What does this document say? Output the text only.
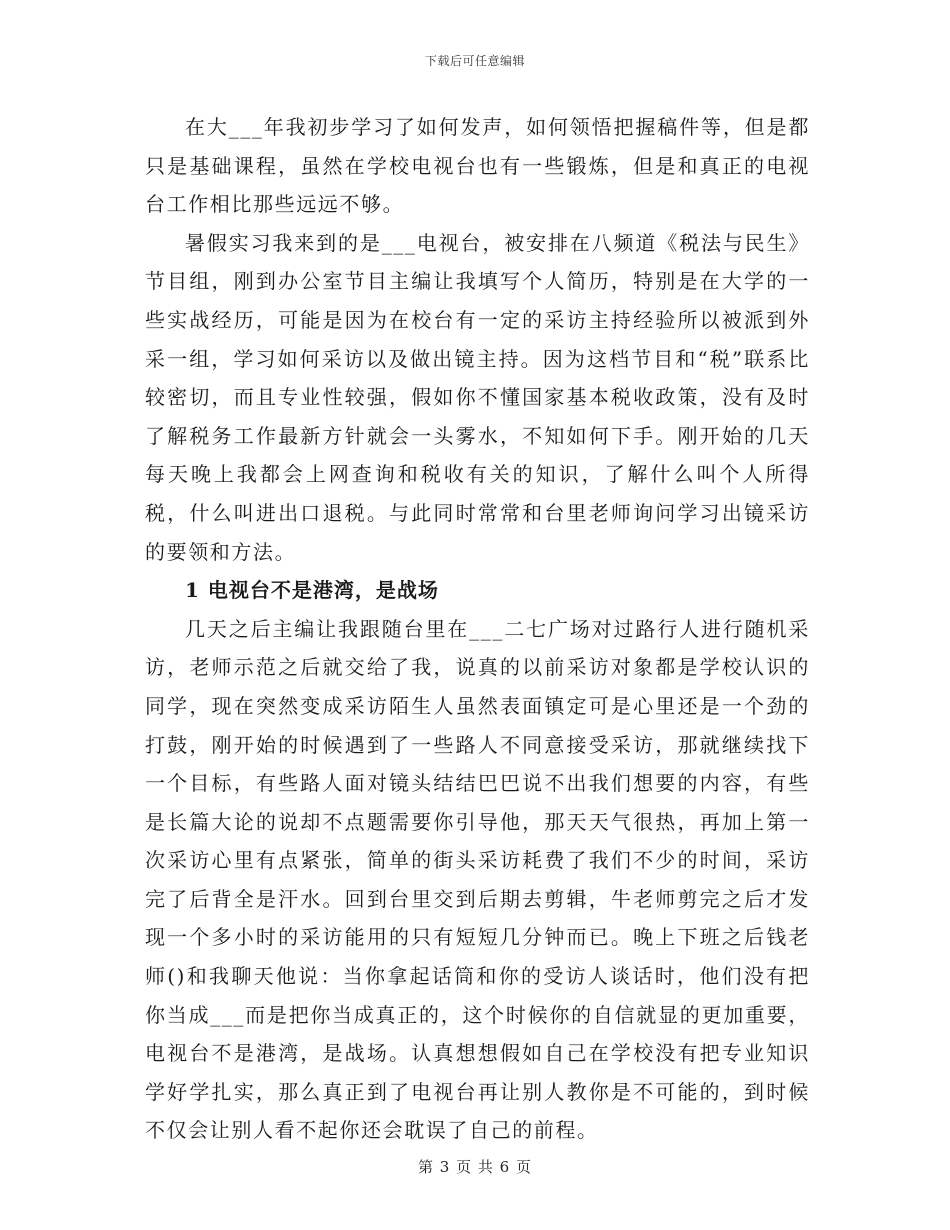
下载后可任意编辑

在大___年我初步学习了如何发声，如何领悟把握稿件等，但是都只是基础课程，虽然在学校电视台也有一些锻炼，但是和真正的电视台工作相比那些远远不够。

暑假实习我来到的是___电视台，被安排在八频道《税法与民生》节目组，刚到办公室节目主编让我填写个人简历，特别是在大学的一些实战经历，可能是因为在校台有一定的采访主持经验所以被派到外采一组，学习如何采访以及做出镜主持。因为这档节目和“税”联系比较密切，而且专业性较强，假如你不懂国家基本税收政策，没有及时了解税务工作最新方针就会一头雾水，不知如何下手。刚开始的几天每天晚上我都会上网查询和税收有关的知识，了解什么叫个人所得税，什么叫进出口退税。与此同时常常和台里老师询问学习出镜采访的要领和方法。

1 电视台不是港湾，是战场

几天之后主编让我跟随台里在___二七广场对过路行人进行随机采访，老师示范之后就交给了我，说真的以前采访对象都是学校认识的同学，现在突然变成采访陌生人虽然表面镇定可是心里还是一个劲的打鼓，刚开始的时候遇到了一些路人不同意接受采访，那就继续找下一个目标，有些路人面对镜头结结巴巴说不出我们想要的内容，有些是长篇大论的说却不点题需要你引导他，那天天气很热，再加上第一次采访心里有点紧张，简单的街头采访耗费了我们不少的时间，采访完了后背全是汗水。回到台里交到后期去剪辑，牛老师剪完之后才发现一个多小时的采访能用的只有短短几分钟而已。晚上下班之后钱老师()和我聊天他说：当你拿起话筒和你的受访人谈话时，他们没有把你当成___而是把你当成真正的，这个时候你的自信就显的更加重要，电视台不是港湾，是战场。认真想想假如自己在学校没有把专业知识学好学扎实，那么真正到了电视台再让别人教你是不可能的，到时候不仅会让别人看不起你还会耽误了自己的前程。

第 3 页 共 6 页
